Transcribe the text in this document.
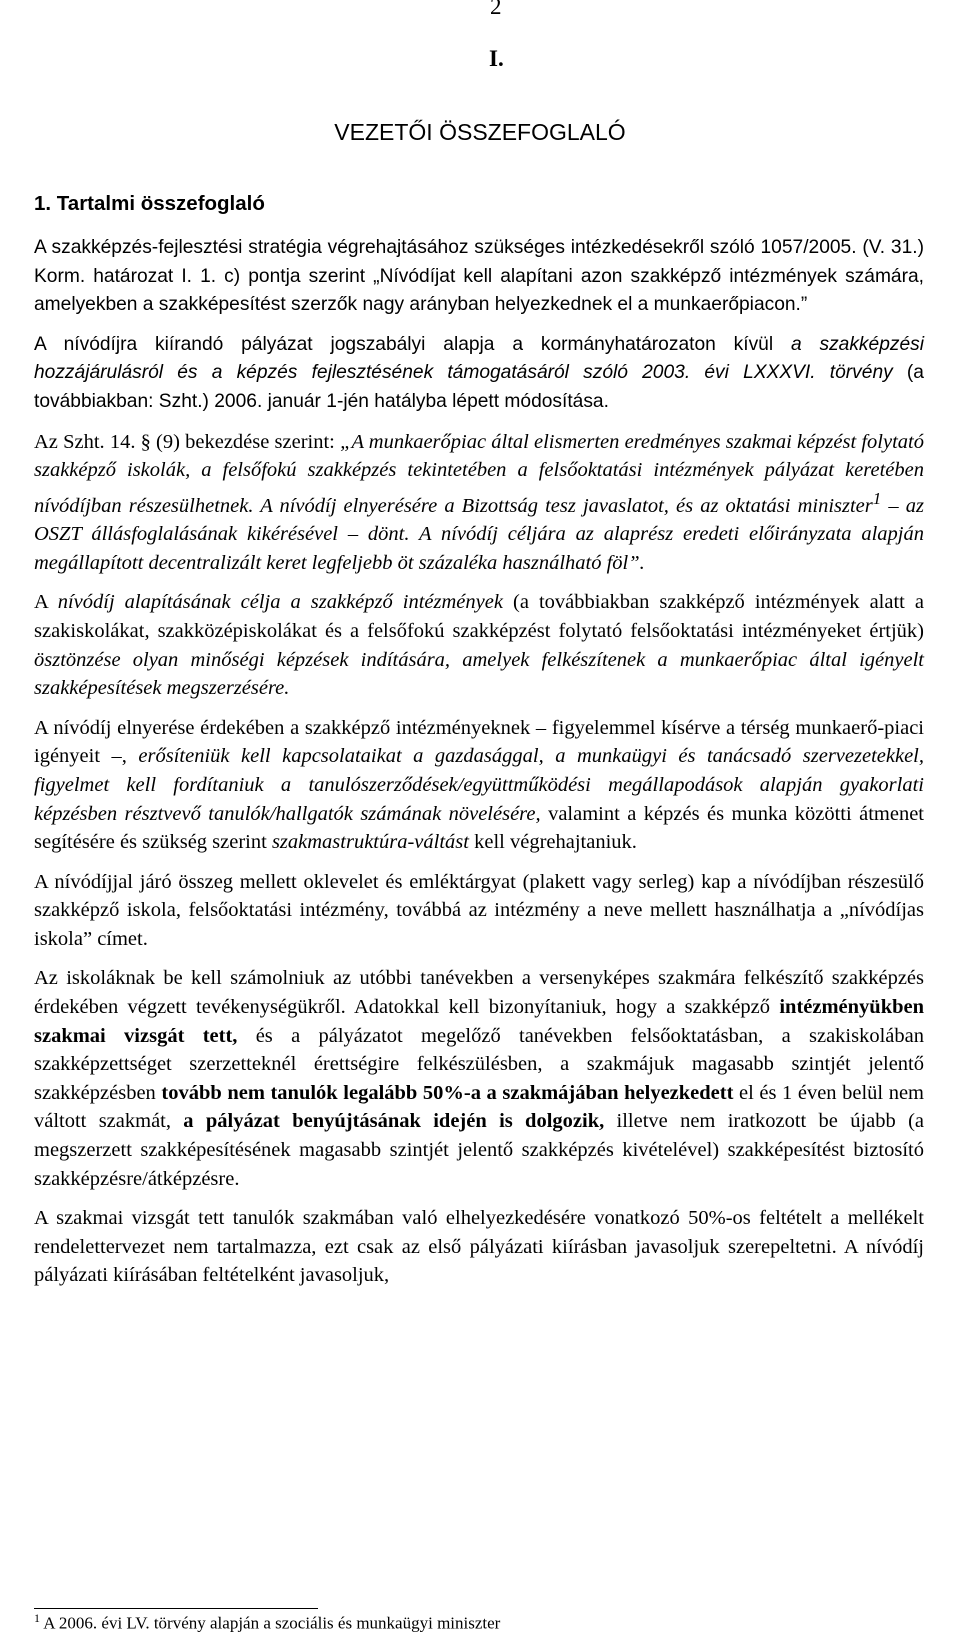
2
I.
VEZETŐI ÖSSZEFOGLALÓ
1. Tartalmi összefoglaló

A szakképzés-fejlesztési stratégia végrehajtásához szükséges intézkedésekről szóló 1057/2005. (V. 31.) Korm. határozat I. 1. c) pontja szerint „Nívódíjat kell alapítani azon szakképző intézmények számára, amelyekben a szakképesítést szerzők nagy arányban helyezkednek el a munkaerőpiacon.”

A nívódíjra kiírandó pályázat jogszabályi alapja a kormányhatározaton kívül a szakképzési hozzájárulásról és a képzés fejlesztésének támogatásáról szóló 2003. évi LXXXVI. törvény (a továbbiakban: Szht.) 2006. január 1-jén hatályba lépett módosítása.

Az Szht. 14. § (9) bekezdése szerint: „A munkaerőpiac által elismerten eredményes szakmai képzést folytató szakképző iskolák, a felsőfokú szakképzés tekintetében a felsőoktatási intézmények pályázat keretében nívódíjban részesülhetnek. A nívódíj elnyerésére a Bizottság tesz javaslatot, és az oktatási miniszter$^1$ – az OSZT állásfoglalásának kikérésével – dönt. A nívódíj céljára az alaprész eredeti előirányzata alapján megállapított decentralizált keret legfeljebb öt százaléka használható föl”.

A nívódíj alapításának célja a szakképző intézmények (a továbbiakban szakképző intézmények alatt a szakiskolákat, szakközépiskolákat és a felsőfokú szakképzést folytató felsőoktatási intézményeket értjük) ösztönzése olyan minőségi képzések indítására, amelyek felkészítenek a munkaerőpiac által igényelt szakképesítések megszerzésére.

A nívódíj elnyerése érdekében a szakképző intézményeknek – figyelemmel kísérve a térség munkaerő-piaci igényeit –, erősíteniük kell kapcsolataikat a gazdasággal, a munkaügyi és tanácsadó szervezetekkel, figyelmet kell fordítaniuk a tanulószerződések/együttműködési megállapodások alapján gyakorlati képzésben résztvevő tanulók/hallgatók számának növelésére, valamint a képzés és munka közötti átmenet segítésére és szükség szerint szakmastruktúra-váltást kell végrehajtaniuk.

A nívódíjjal járó összeg mellett oklevelet és emléktárgyat (plakett vagy serleg) kap a nívódíjban részesülő szakképző iskola, felsőoktatási intézmény, továbbá az intézmény a neve mellett használhatja a „nívódíjas iskola” címet.

Az iskoláknak be kell számolniuk az utóbbi tanévekben a versenyképes szakmára felkészítő szakképzés érdekében végzett tevékenységükről. Adatokkal kell bizonyítaniuk, hogy a szakképző intézményükben szakmai vizsgát tett, és a pályázatot megelőző tanévekben felsőoktatásban, a szakiskolában szakképzettséget szerzetteknél érettségire felkészülésben, a szakmájuk magasabb szintjét jelentő szakképzésben tovább nem tanulók legalább 50%-a a szakmájában helyezkedett el és 1 éven belül nem váltott szakmát, a pályázat benyújtásának idején is dolgozik, illetve nem iratkozott be újabb (a megszerzett szakképesítésének magasabb szintjét jelentő szakképzés kivételével) szakképesítést biztosító szakképzésre/átképzésre.

A szakmai vizsgát tett tanulók szakmában való elhelyezkedésére vonatkozó 50%-os feltételt a mellékelt rendelettervezet nem tartalmazza, ezt csak az első pályázati kiírásban javasoljuk szerepeltetni. A nívódíj pályázati kiírásában feltételként javasoljuk,

$^1$ A 2006. évi LV. törvény alapján a szociális és munkaügyi miniszter
